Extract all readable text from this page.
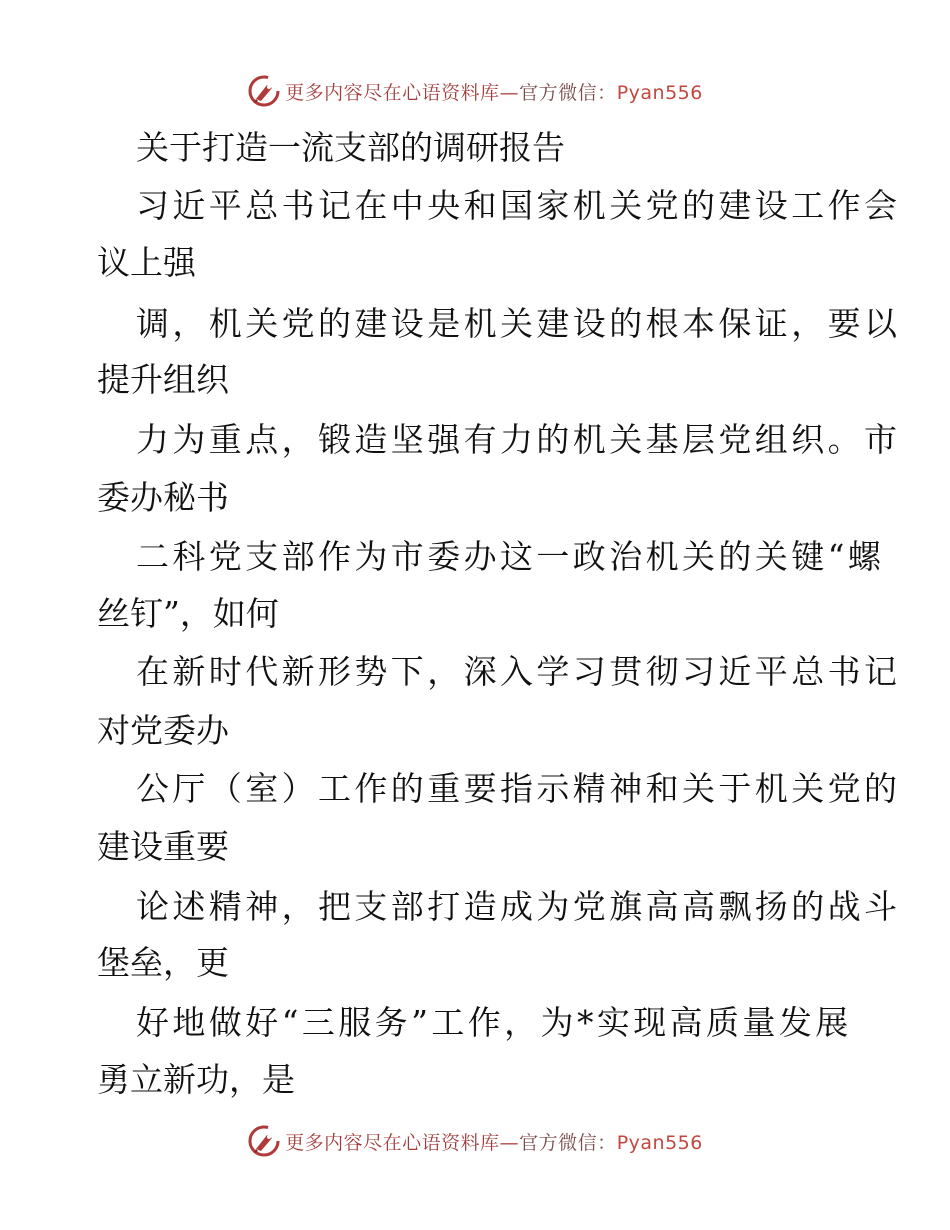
更多内容尽在心语资料库—官方微信：Pyan556
关于打造一流支部的调研报告
习近平总书记在中央和国家机关党的建设工作会
议上强
调，机关党的建设是机关建设的根本保证，要以
提升组织
力为重点，锻造坚强有力的机关基层党组织。市
委办秘书
二科党支部作为市委办这一政治机关的关键“螺
丝钉”，如何
在新时代新形势下，深入学习贯彻习近平总书记
对党委办
公厅（室）工作的重要指示精神和关于机关党的
建设重要
论述精神，把支部打造成为党旗高高飘扬的战斗
堡垒，更
好地做好“三服务”工作，为*实现高质量发展
勇立新功，是
更多内容尽在心语资料库—官方微信：Pyan556
